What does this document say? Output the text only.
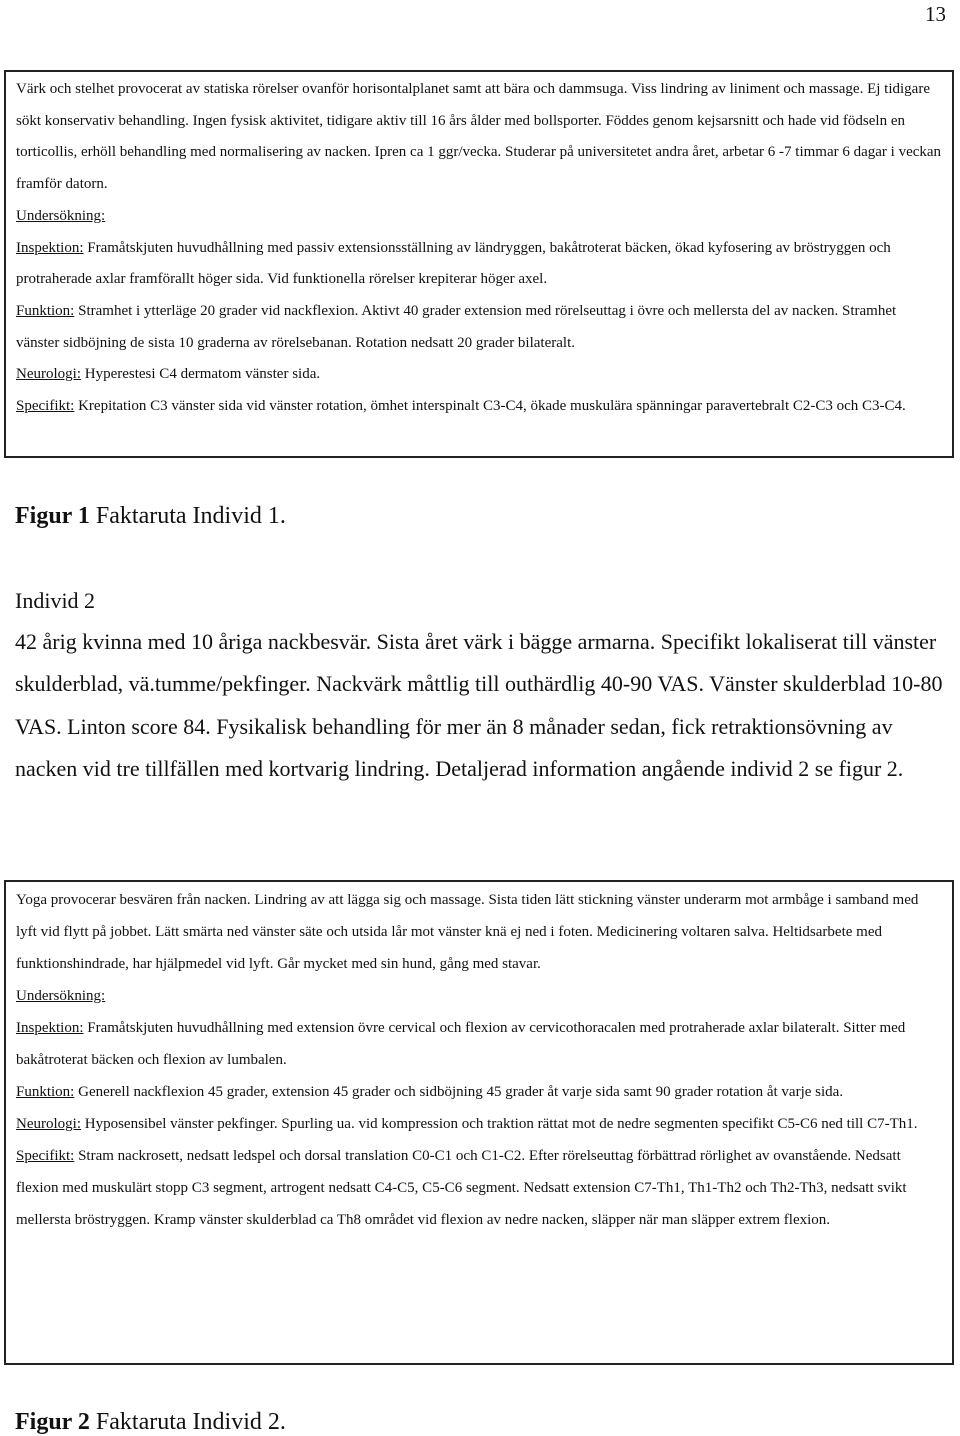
13

Värk och stelhet provocerat av statiska rörelser ovanför horisontalplanet samt att bära och dammsuga. Viss lindring av liniment och massage. Ej tidigare sökt konservativ behandling. Ingen fysisk aktivitet, tidigare aktiv till 16 års ålder med bollsporter. Föddes genom kejsarsnitt och hade vid födseln en torticollis, erhöll behandling med normalisering av nacken. Ipren ca 1 ggr/vecka. Studerar på universitetet andra året, arbetar 6 -7 timmar 6 dagar i veckan framför datorn.

Undersökning:

Inspektion: Framåtskjuten huvudhållning med passiv extensionsställning av ländryggen, bakåtroterat bäcken, ökad kyfosering av bröstryggen och protraherade axlar framförallt höger sida. Vid funktionella rörelser krepiterar höger axel.

Funktion: Stramhet i ytterläge 20 grader vid nackflexion. Aktivt 40 grader extension med rörelseuttag i övre och mellersta del av nacken. Stramhet vänster sidböjning de sista 10 graderna av rörelsebanan. Rotation nedsatt 20 grader bilateralt.

Neurologi: Hyperestesi C4 dermatom vänster sida.

Specifikt: Krepitation C3 vänster sida vid vänster rotation, ömhet interspinalt C3-C4, ökade muskulära spänningar paravertebralt C2-C3 och C3-C4.

Figur 1 Faktaruta Individ 1.
Individ 2

42 årig kvinna med 10 åriga nackbesvär. Sista året värk i bägge armarna. Specifikt lokaliserat till vänster skulderblad, vä.tumme/pekfinger. Nackvärk måttlig till outhärdlig 40-90 VAS. Vänster skulderblad 10-80 VAS. Linton score 84. Fysikalisk behandling för mer än 8 månader sedan, fick retraktionsövning av nacken vid tre tillfällen med kortvarig lindring. Detaljerad information angående individ 2 se figur 2.

Yoga provocerar besvären från nacken. Lindring av att lägga sig och massage. Sista tiden lätt stickning vänster underarm mot armbåge i samband med lyft vid flytt på jobbet. Lätt smärta ned vänster säte och utsida lår mot vänster knä ej ned i foten. Medicinering voltaren salva. Heltidsarbete med funktionshindrade, har hjälpmedel vid lyft. Går mycket med sin hund, gång med stavar.

Undersökning:

Inspektion: Framåtskjuten huvudhållning med extension övre cervical och flexion av cervicothoracalen med protraherade axlar bilateralt. Sitter med bakåtroterat bäcken och flexion av lumbalen.

Funktion: Generell nackflexion 45 grader, extension 45 grader och sidböjning 45 grader åt varje sida samt 90 grader rotation åt varje sida.

Neurologi: Hyposensibel vänster pekfinger. Spurling ua. vid kompression och traktion rättat mot de nedre segmenten specifikt C5-C6 ned till C7-Th1.

Specifikt: Stram nackrosett, nedsatt ledspel och dorsal translation C0-C1 och C1-C2. Efter rörelseuttag förbättrad rörlighet av ovanstående. Nedsatt flexion med muskulärt stopp C3 segment, artrogent nedsatt C4-C5, C5-C6 segment. Nedsatt extension C7-Th1, Th1-Th2 och Th2-Th3, nedsatt svikt mellersta bröstryggen. Kramp vänster skulderblad ca Th8 området vid flexion av nedre nacken, släpper när man släpper extrem flexion.

Figur 2 Faktaruta Individ 2.
